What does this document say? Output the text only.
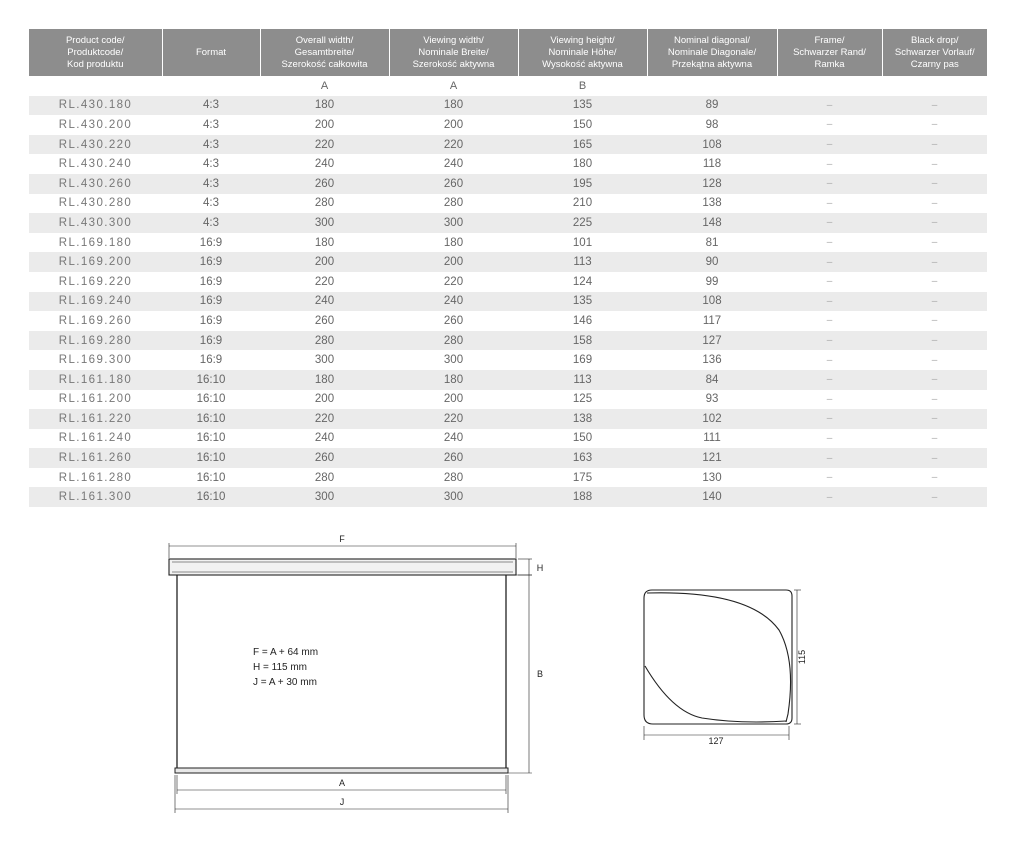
Product code/
Produktcode/
Kod produktu	Format	Overall width/
Gesamtbreite/
Szerokość całkowita	Viewing width/
Nominale Breite/
Szerokość aktywna	Viewing height/
Nominale Höhe/
Wysokość aktywna	Nominal diagonal/
Nominale Diagonale/
Przekątna aktywna	Frame/
Schwarzer Rand/
Ramka	Black drop/
Schwarzer Vorlauf/
Czarny pas
		A	A	B			
RL.430.180	4:3	180	180	135	89	–	–
RL.430.200	4:3	200	200	150	98	–	–
RL.430.220	4:3	220	220	165	108	–	–
RL.430.240	4:3	240	240	180	118	–	–
RL.430.260	4:3	260	260	195	128	–	–
RL.430.280	4:3	280	280	210	138	–	–
RL.430.300	4:3	300	300	225	148	–	–
RL.169.180	16:9	180	180	101	81	–	–
RL.169.200	16:9	200	200	113	90	–	–
RL.169.220	16:9	220	220	124	99	–	–
RL.169.240	16:9	240	240	135	108	–	–
RL.169.260	16:9	260	260	146	117	–	–
RL.169.280	16:9	280	280	158	127	–	–
RL.169.300	16:9	300	300	169	136	–	–
RL.161.180	16:10	180	180	113	84	–	–
RL.161.200	16:10	200	200	125	93	–	–
RL.161.220	16:10	220	220	138	102	–	–
RL.161.240	16:10	240	240	150	111	–	–
RL.161.260	16:10	260	260	163	121	–	–
RL.161.280	16:10	280	280	175	130	–	–
RL.161.300	16:10	300	300	188	140	–	–
F
H
B
A
J
F = A + 64 mm
H = 115 mm
J = A + 30 mm
127
115
